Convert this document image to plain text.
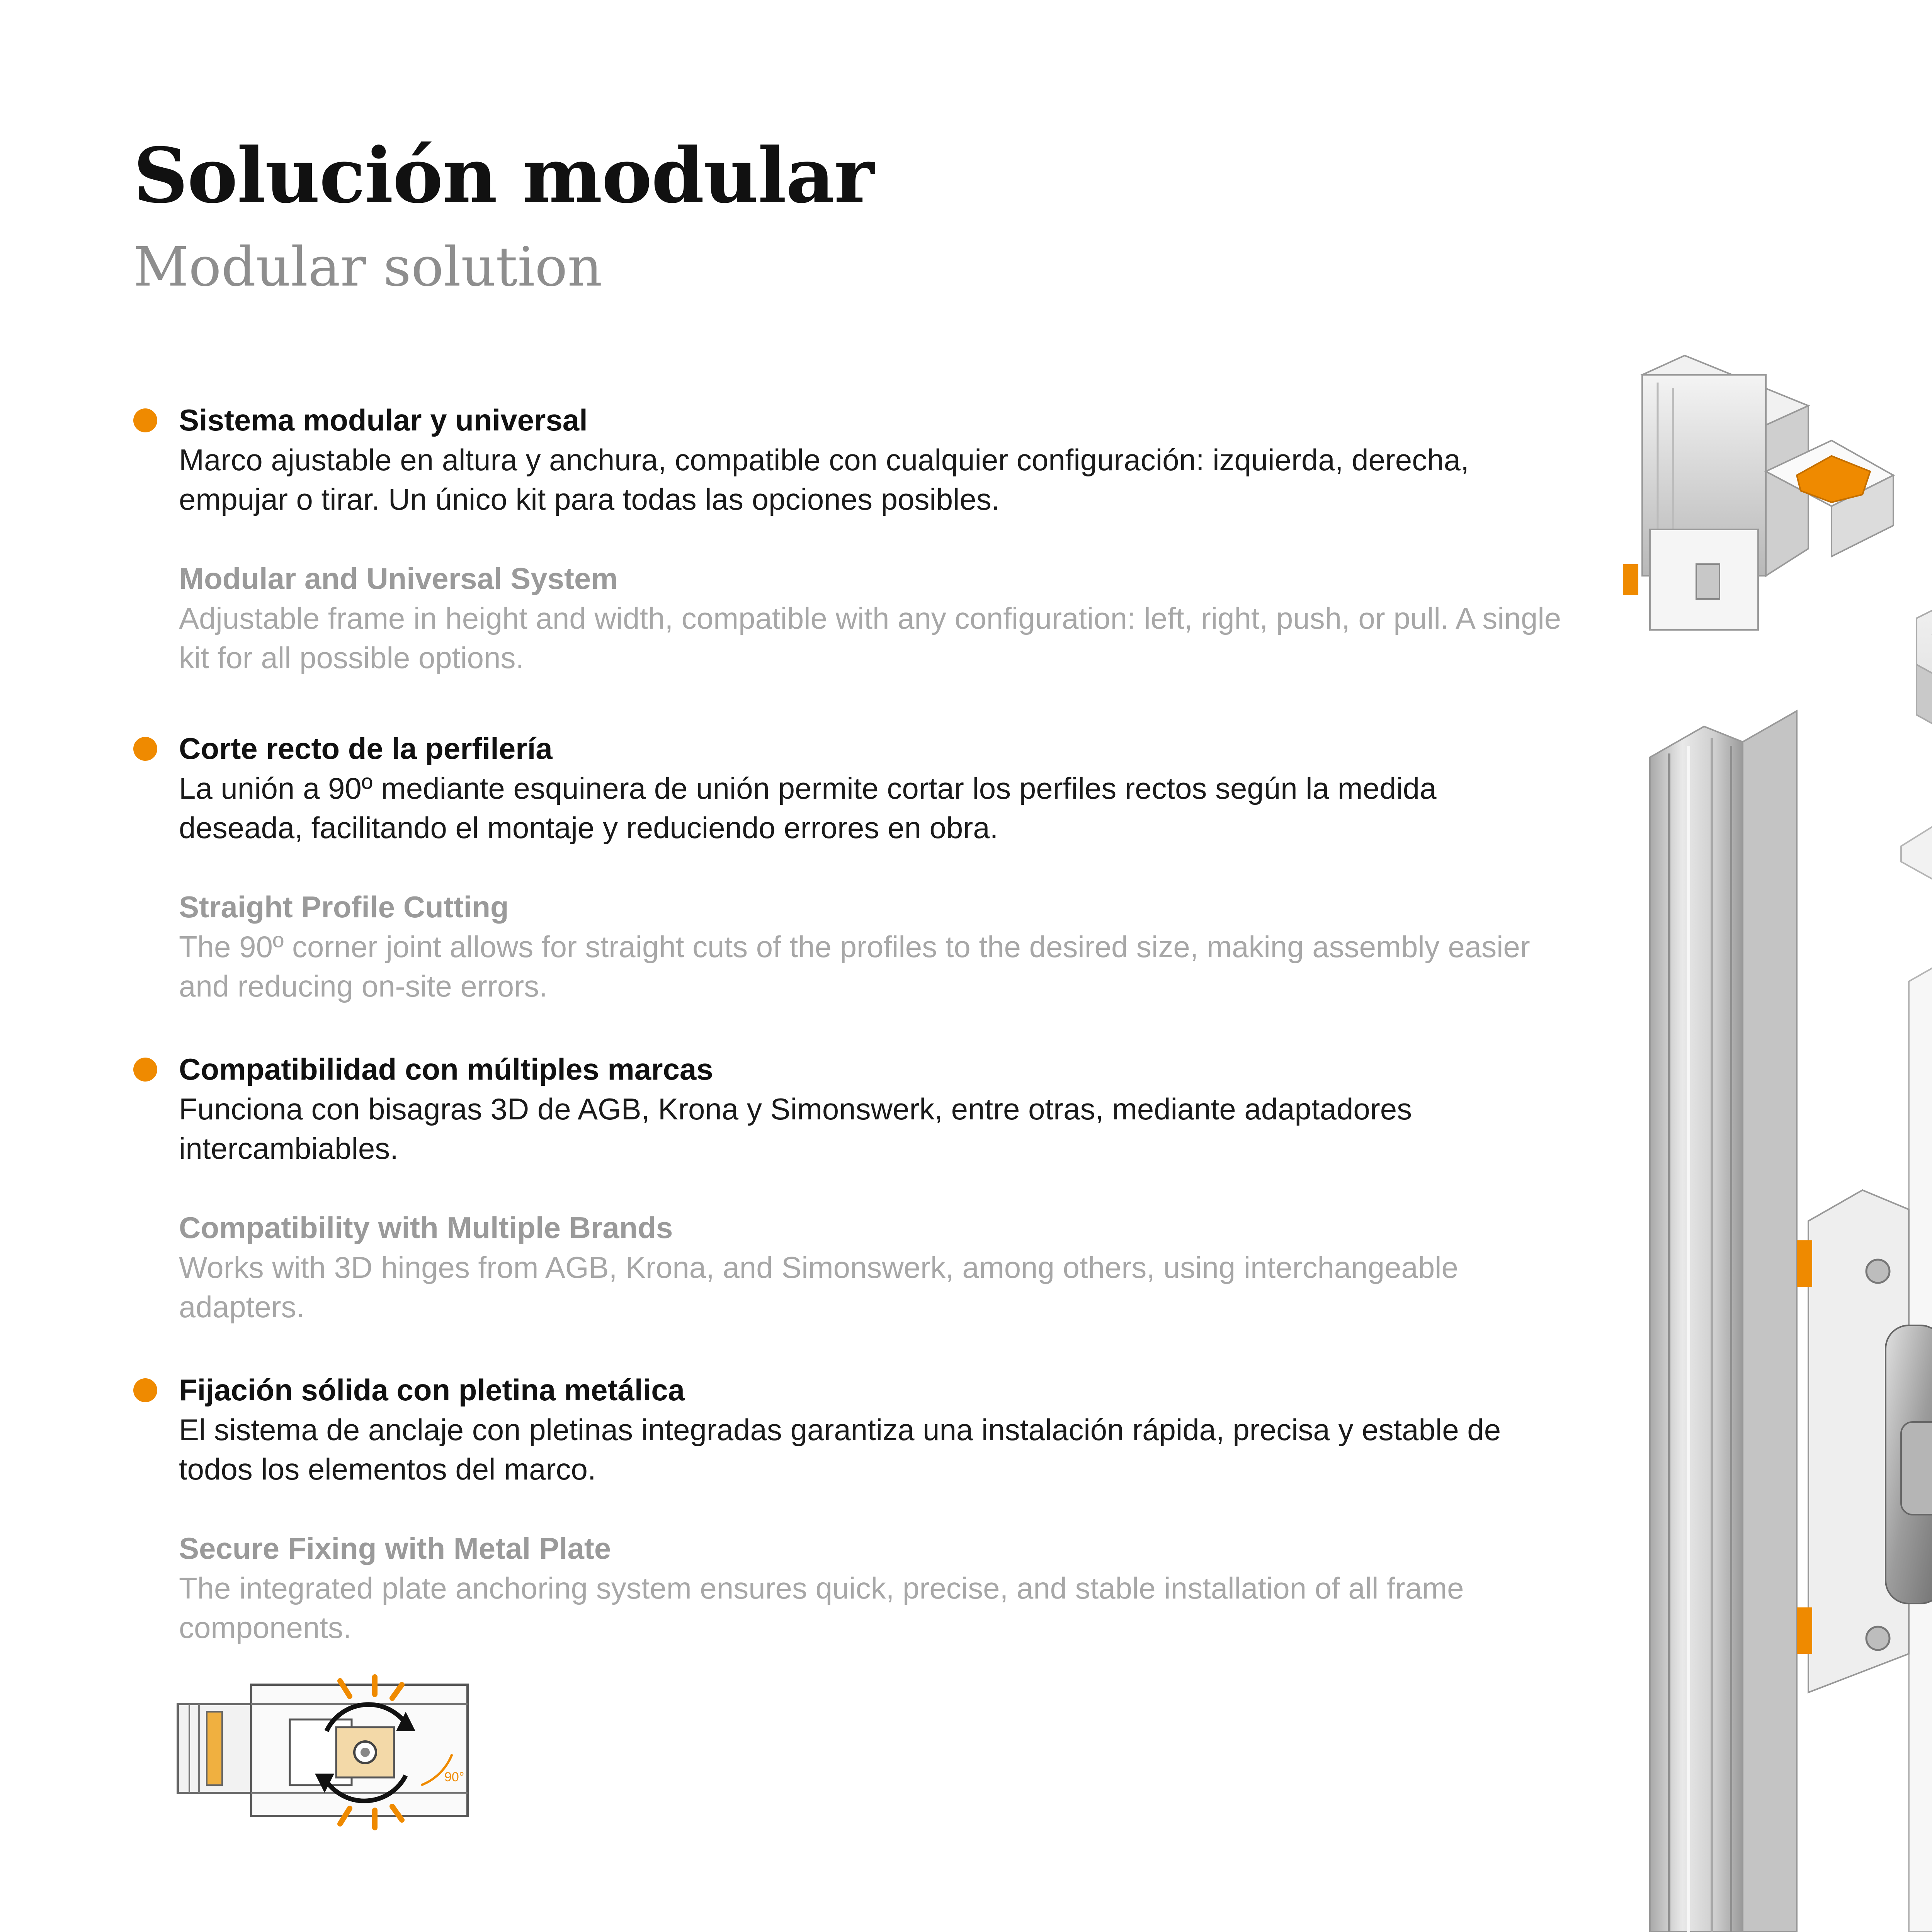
Solución modular
Modular solution

Sistema modular y universal

Marco ajustable en altura y anchura, compatible con cualquier configuración: izquierda, derecha, empujar o tirar. Un único kit para todas las opciones posibles.

Modular and Universal System

Adjustable frame in height and width, compatible with any configuration: left, right, push, or pull. A single kit for all possible options.

Corte recto de la perfilería

La unión a 90º mediante esquinera de unión permite cortar los perfiles rectos según la medida deseada, facilitando el montaje y reduciendo errores en obra.

Straight Profile Cutting

The 90º corner joint allows for straight cuts of the profiles to the desired size, making assembly easier and reducing on-site errors.

Compatibilidad con múltiples marcas

Funciona con bisagras 3D de AGB, Krona y Simonswerk, entre otras, mediante adaptadores intercambiables.

Compatibility with Multiple Brands

Works with 3D hinges from AGB, Krona, and Simonswerk, among others, using interchangeable adapters.

Fijación sólida con pletina metálica

El sistema de anclaje con pletinas integradas garantiza una instalación rápida, precisa y estable de todos los elementos del marco.

Secure Fixing with Metal Plate

The integrated plate anchoring system ensures quick, precise, and stable installation of all frame components.

90°
